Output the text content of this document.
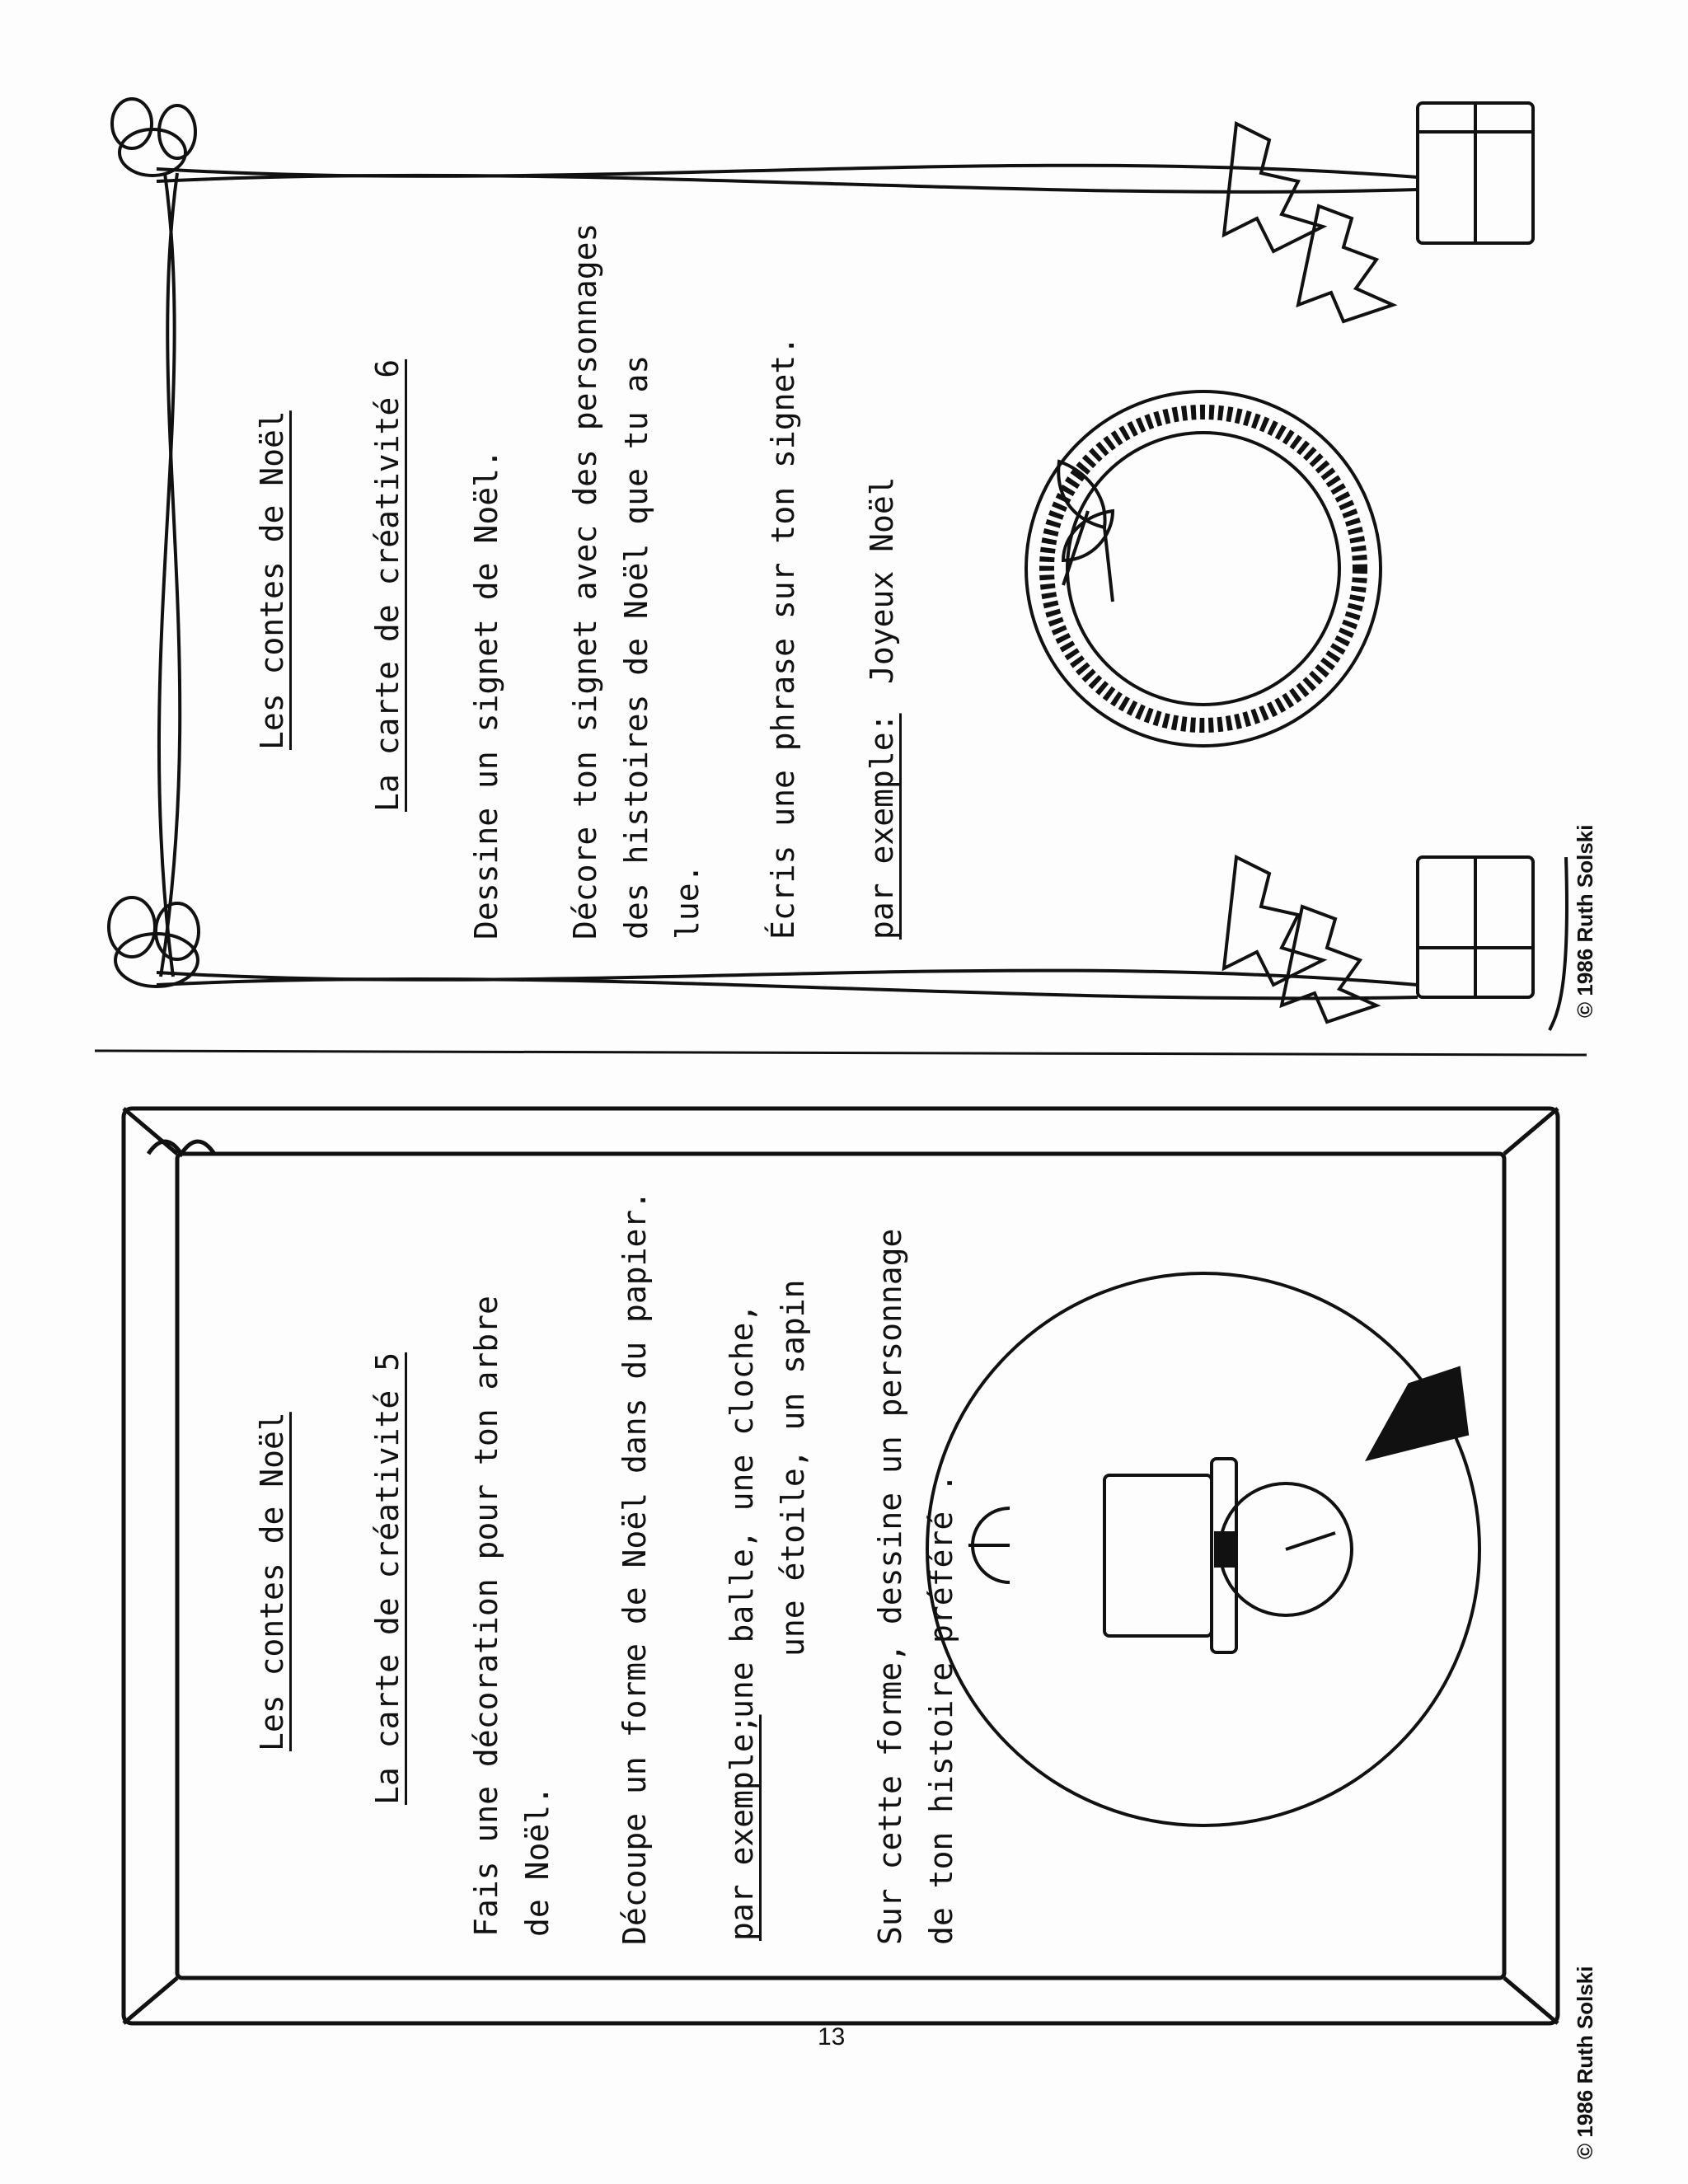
Les contes de Noël	La carte de créativité 6 Dessine un signet de Noël. Décore ton signet avec des personnages des histoires de Noël que tu as lue. Écris une phrase sur ton signet. par exemple:
Joyeux Noël
© 1986 Ruth Solski
Les contes de Noël	La carte de créativité 5 Fais une décoration pour ton arbre de Noël. Découpe un forme de Noël dans du papier. par exemple;
une balle, une cloche, une étoile, un sapin Sur cette forme, dessine un personnage de ton histoire préféré .
© 1986 Ruth Solski
13
